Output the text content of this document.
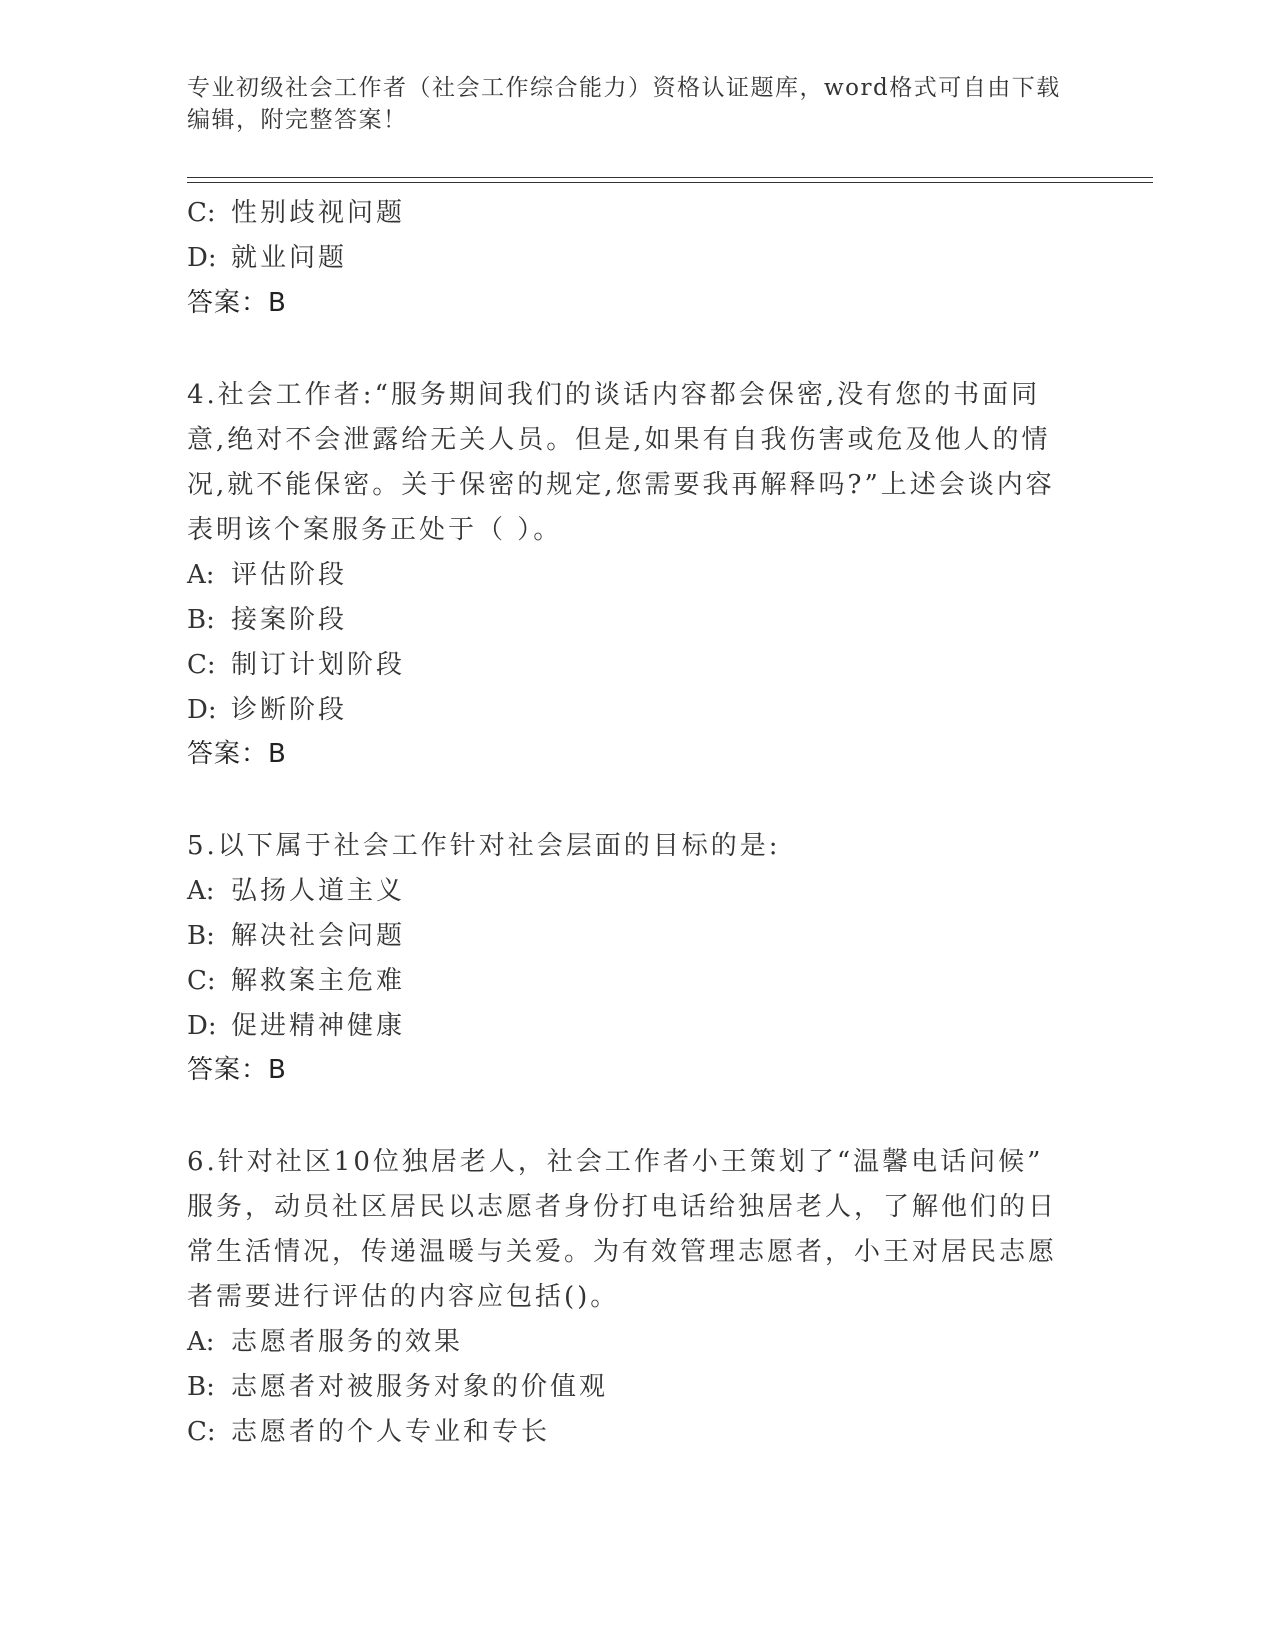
专业初级社会工作者（社会工作综合能力）资格认证题库，word格式可自由下载
编辑，附完整答案！
C: 性别歧视问题
D: 就业问题
答案：B
4.社会工作者:“服务期间我们的谈话内容都会保密,没有您的书面同
意,绝对不会泄露给无关人员。但是,如果有自我伤害或危及他人的情
况,就不能保密。关于保密的规定,您需要我再解释吗?”上述会谈内容
表明该个案服务正处于（ ）。
A: 评估阶段
B: 接案阶段
C: 制订计划阶段
D: 诊断阶段
答案：B
5.以下属于社会工作针对社会层面的目标的是:
A: 弘扬人道主义
B: 解决社会问题
C: 解救案主危难
D: 促进精神健康
答案：B
6.针对社区10位独居老人，社会工作者小王策划了“温馨电话问候”
服务，动员社区居民以志愿者身份打电话给独居老人，了解他们的日
常生活情况，传递温暖与关爱。为有效管理志愿者，小王对居民志愿
者需要进行评估的内容应包括()。
A: 志愿者服务的效果
B: 志愿者对被服务对象的价值观
C: 志愿者的个人专业和专长
